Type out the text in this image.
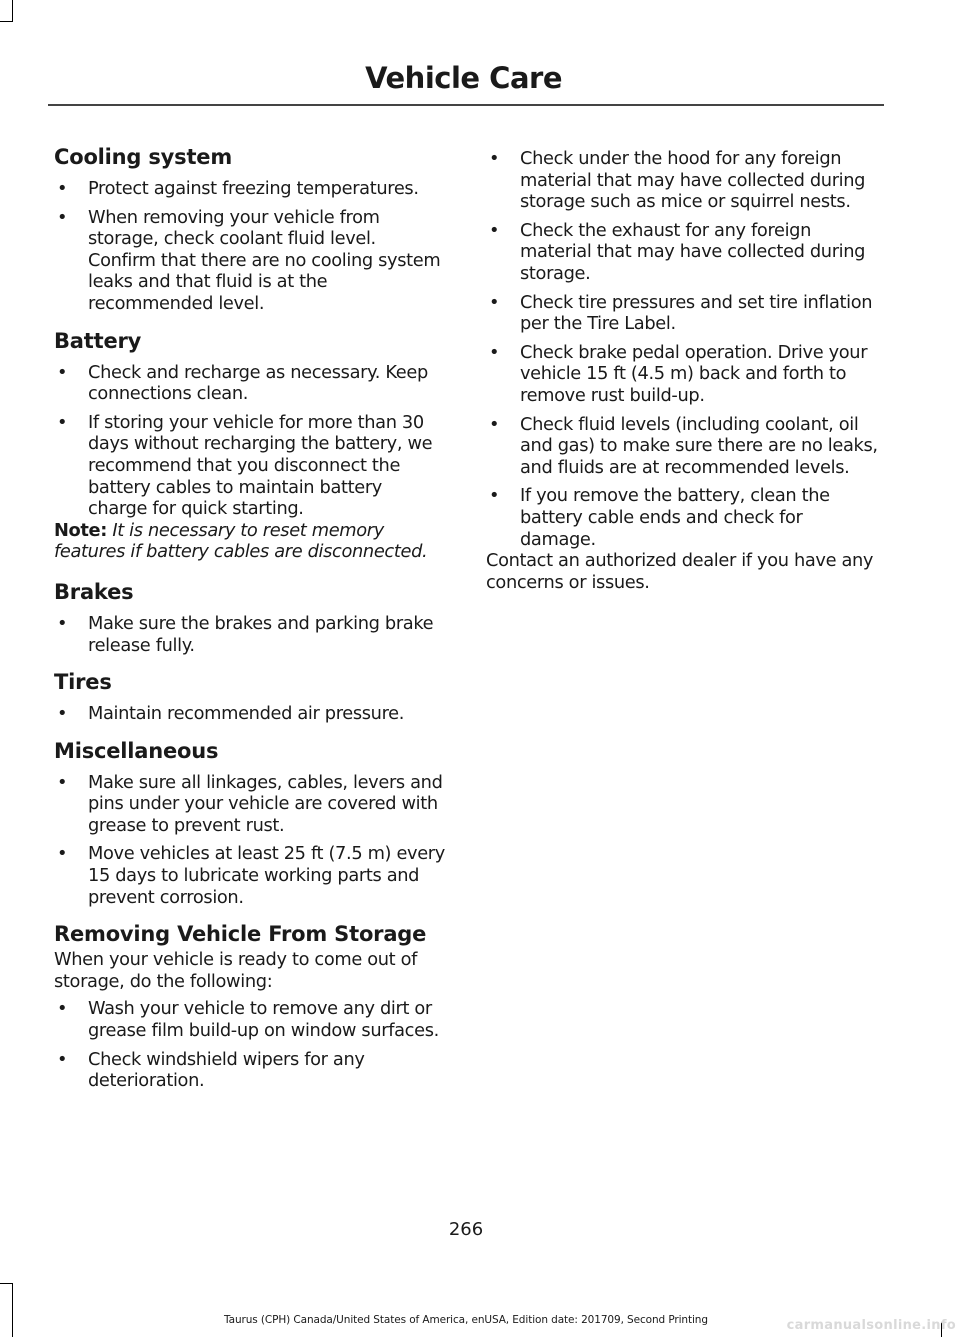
Vehicle Care
Cooling system
• Protect against freezing temperatures.
• When removing your vehicle from storage, check coolant fluid level. Confirm that there are no cooling system leaks and that fluid is at the recommended level.
Battery
• Check and recharge as necessary. Keep connections clean.
• If storing your vehicle for more than 30 days without recharging the battery, we recommend that you disconnect the battery cables to maintain battery charge for quick starting.

Note: It is necessary to reset memory features if battery cables are disconnected.

Brakes
• Make sure the brakes and parking brake release fully.
Tires
• Maintain recommended air pressure.
Miscellaneous
• Make sure all linkages, cables, levers and pins under your vehicle are covered with grease to prevent rust.
• Move vehicles at least 25 ft (7.5 m) every 15 days to lubricate working parts and prevent corrosion.
Removing Vehicle From Storage

When your vehicle is ready to come out of storage, do the following:

• Wash your vehicle to remove any dirt or grease film build-up on window surfaces.
• Check windshield wipers for any deterioration.
• Check under the hood for any foreign material that may have collected during storage such as mice or squirrel nests.
• Check the exhaust for any foreign material that may have collected during storage.
• Check tire pressures and set tire inflation per the Tire Label.
• Check brake pedal operation. Drive your vehicle 15 ft (4.5 m) back and forth to remove rust build-up.
• Check fluid levels (including coolant, oil and gas) to make sure there are no leaks, and fluids are at recommended levels.
• If you remove the battery, clean the battery cable ends and check for damage.

Contact an authorized dealer if you have any concerns or issues.

266
Taurus (CPH) Canada/United States of America, enUSA, Edition date: 201709, Second Printing	carmanualsonline.info
